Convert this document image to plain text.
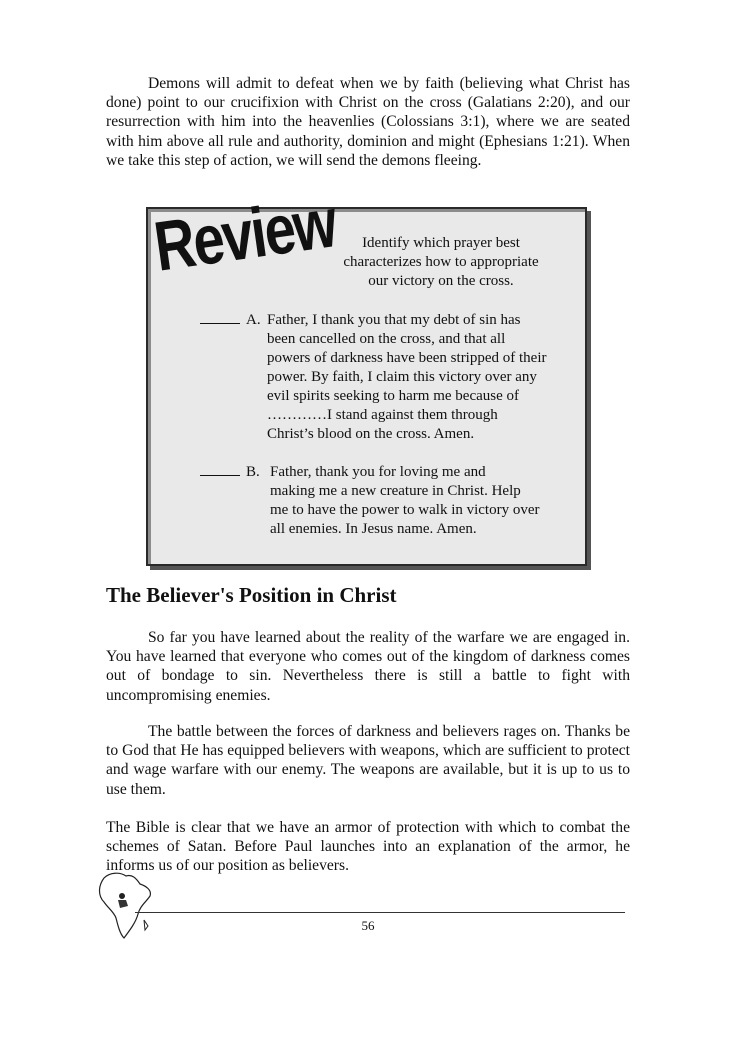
Demons will admit to defeat when we by faith (believing what Christ has done) point to our crucifixion with Christ on the cross (Galatians 2:20), and our resurrection with him into the heavenlies (Colossians 3:1), where we are seated with him above all rule and authority, dominion and might (Ephesians 1:21). When we take this step of action, we will send the demons fleeing.

Review	Identify which prayer best
characterizes how to appropriate
our victory on the cross.
A. Father, I thank you that my debt of sin has
been cancelled on the cross, and that all
powers of darkness have been stripped of their
power. By faith, I claim this victory over any
evil spirits seeking to harm me because of
…………I stand against them through
Christ’s blood on the cross. Amen.
B. Father, thank you for loving me and
making me a new creature in Christ. Help
me to have the power to walk in victory over
all enemies. In Jesus name. Amen.
The Believer's Position in Christ

So far you have learned about the reality of the warfare we are engaged in. You have learned that everyone who comes out of the kingdom of darkness comes out of bondage to sin. Nevertheless there is still a battle to fight with uncompromising enemies.

The battle between the forces of darkness and believers rages on. Thanks be to God that He has equipped believers with weapons, which are sufficient to protect and wage warfare with our enemy. The weapons are available, but it is up to us to use them.

The Bible is clear that we have an armor of protection with which to combat the schemes of Satan. Before Paul launches into an explanation of the armor, he informs us of our position as believers.

56
